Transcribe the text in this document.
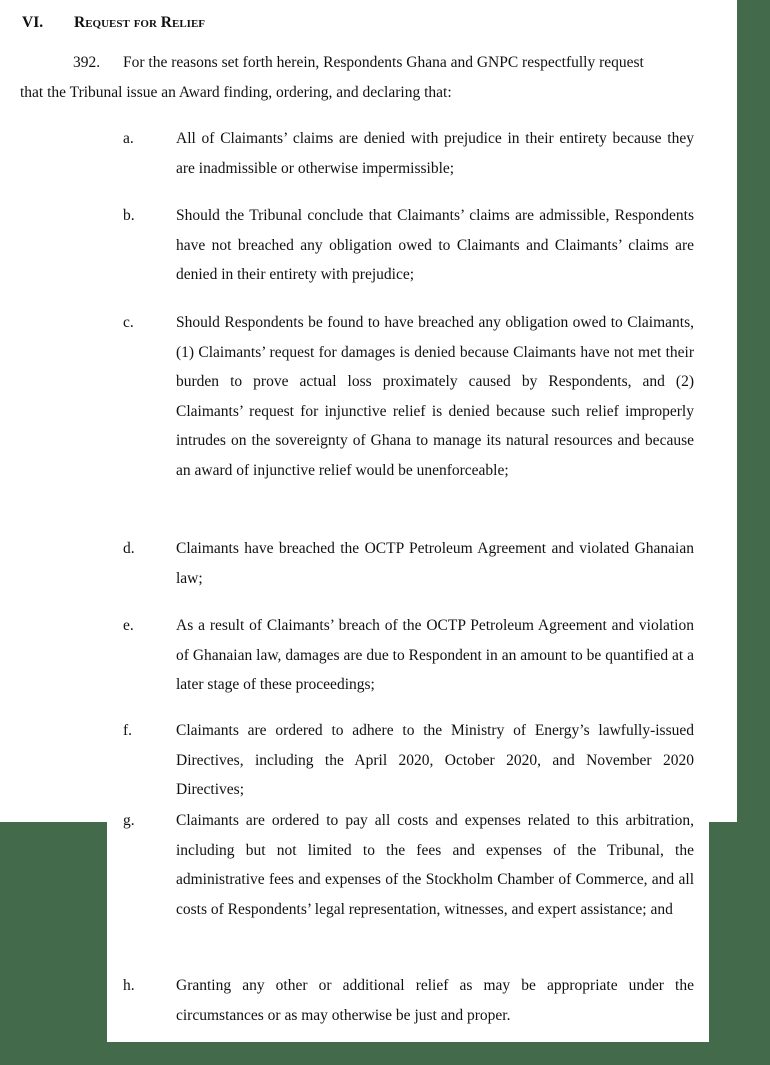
VI. Request for Relief
392. For the reasons set forth herein, Respondents Ghana and GNPC respectfully request
that the Tribunal issue an Award finding, ordering, and declaring that:
a.	All of Claimants’ claims are denied with prejudice in their entirety because they are inadmissible or otherwise impermissible;
b.	Should the Tribunal conclude that Claimants’ claims are admissible, Respondents have not breached any obligation owed to Claimants and Claimants’ claims are denied in their entirety with prejudice;
c.	Should Respondents be found to have breached any obligation owed to Claimants, (1) Claimants’ request for damages is denied because Claimants have not met their burden to prove actual loss proximately caused by Respondents, and (2) Claimants’ request for injunctive relief is denied because such relief improperly intrudes on the sovereignty of Ghana to manage its natural resources and because an award of injunctive relief would be unenforceable;
d.	Claimants have breached the OCTP Petroleum Agreement and violated Ghanaian law;
e.	As a result of Claimants’ breach of the OCTP Petroleum Agreement and violation of Ghanaian law, damages are due to Respondent in an amount to be quantified at a later stage of these proceedings;
f.	Claimants are ordered to adhere to the Ministry of Energy’s lawfully-issued Directives, including the April 2020, October 2020, and November 2020 Directives;
g.	Claimants are ordered to pay all costs and expenses related to this arbitration, including but not limited to the fees and expenses of the Tribunal, the administrative fees and expenses of the Stockholm Chamber of Commerce, and all costs of Respondents’ legal representation, witnesses, and expert assistance; and
h.	Granting any other or additional relief as may be appropriate under the circumstances or as may otherwise be just and proper.
